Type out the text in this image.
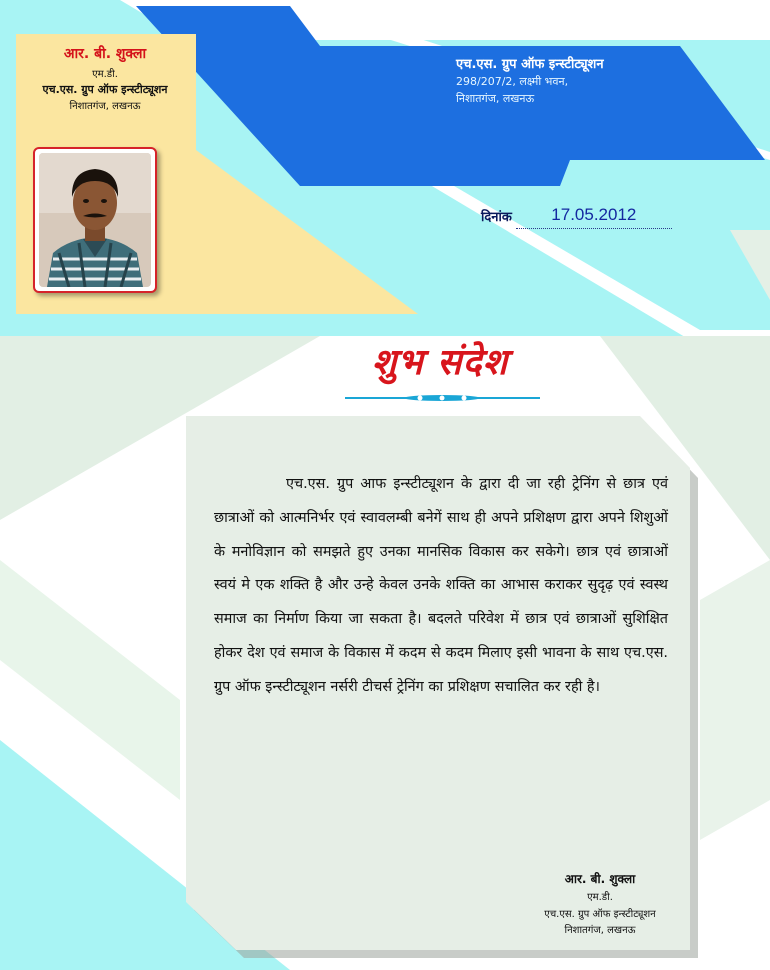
आर. बी. शुक्ला
एम.डी.
एच.एस. ग्रुप ऑफ इन्स्टीट्यूशन
निशातगंज, लखनऊ
एच.एस. ग्रुप ऑफ इन्स्टीट्यूशन
298/207/2, लक्ष्मी भवन,
निशातगंज, लखनऊ
दिनांक 17.05.2012
शुभ संदेश
एच.एस. ग्रुप आफ इन्स्टीट्यूशन के द्वारा दी जा रही ट्रेनिंग से छात्र एवं छात्राओं को आत्मनिर्भर एवं स्वावलम्बी बनेगें साथ ही अपने प्रशिक्षण द्वारा अपने शिशुओं के मनोविज्ञान को समझते हुए उनका मानसिक विकास कर सकेगे। छात्र एवं छात्राओं स्वयं मे एक शक्ति है और उन्हे केवल उनके शक्ति का आभास कराकर सुदृढ़ एवं स्वस्थ समाज का निर्माण किया जा सकता है। बदलते परिवेश में छात्र एवं छात्राओं सुशिक्षित होकर देश एवं समाज के विकास में कदम से कदम मिलाए इसी भावना के साथ एच.एस. ग्रुप ऑफ इन्स्टीट्यूशन नर्सरी टीचर्स ट्रेनिंग का प्रशिक्षण सचालित कर रही है।
आर. बी. शुक्ला
एम.डी.
एच.एस. ग्रुप ऑफ इन्स्टीट्यूशन
निशातगंज, लखनऊ
